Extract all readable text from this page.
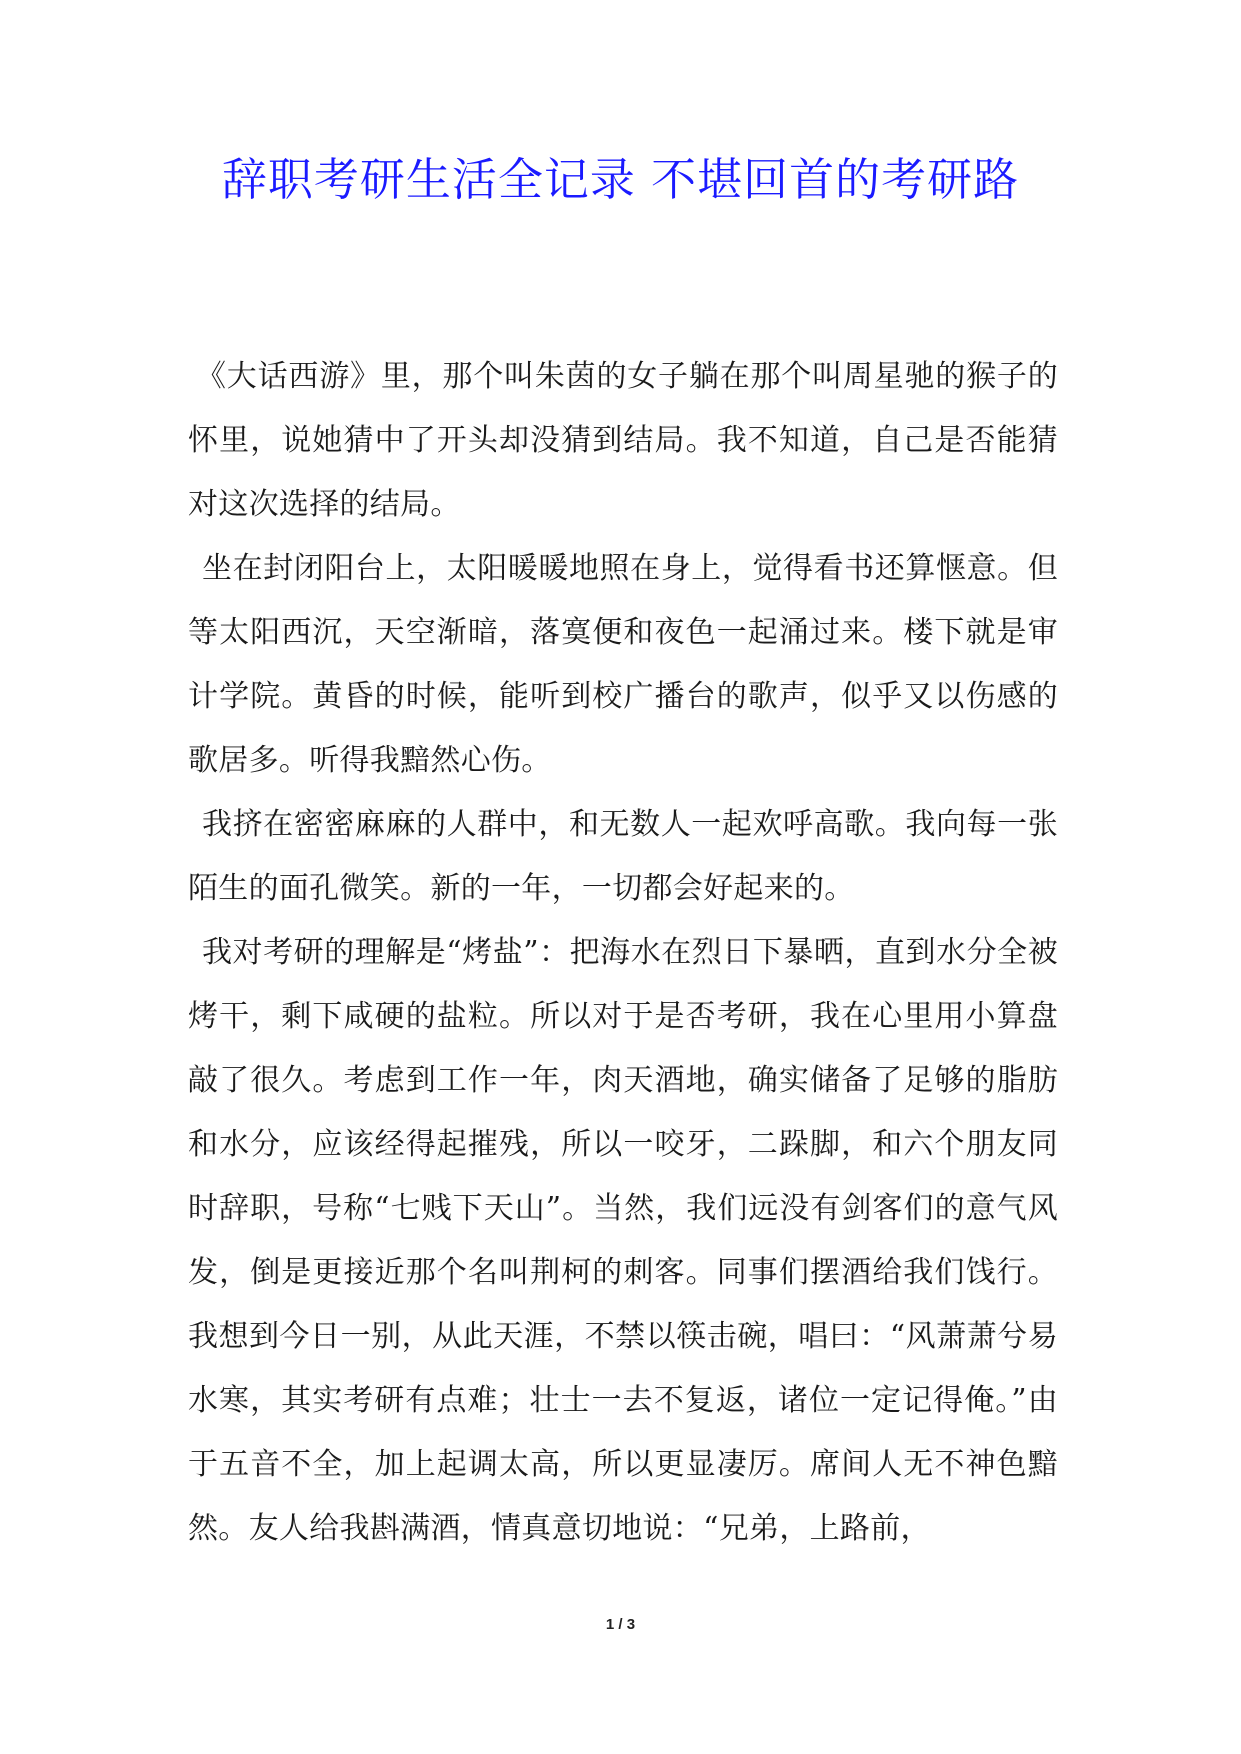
辞职考研生活全记录 不堪回首的考研路

《大话西游》里，那个叫朱茵的女子躺在那个叫周星驰的猴子的怀里，说她猜中了开头却没猜到结局。我不知道，自己是否能猜对这次选择的结局。

坐在封闭阳台上，太阳暖暖地照在身上，觉得看书还算惬意。但等太阳西沉，天空渐暗，落寞便和夜色一起涌过来。楼下就是审计学院。黄昏的时候，能听到校广播台的歌声，似乎又以伤感的歌居多。听得我黯然心伤。

我挤在密密麻麻的人群中，和无数人一起欢呼高歌。我向每一张陌生的面孔微笑。新的一年，一切都会好起来的。

我对考研的理解是“烤盐”：把海水在烈日下暴晒，直到水分全被烤干，剩下咸硬的盐粒。所以对于是否考研，我在心里用小算盘敲了很久。考虑到工作一年，肉天酒地，确实储备了足够的脂肪和水分，应该经得起摧残，所以一咬牙，二跺脚，和六个朋友同时辞职，号称“七贱下天山”。当然，我们远没有剑客们的意气风发，倒是更接近那个名叫荆柯的刺客。同事们摆酒给我们饯行。我想到今日一别，从此天涯，不禁以筷击碗，唱曰：“风萧萧兮易水寒，其实考研有点难；壮士一去不复返，诸位一定记得俺。”由于五音不全，加上起调太高，所以更显凄厉。席间人无不神色黯然。友人给我斟满酒，情真意切地说：“兄弟，上路前，

1 / 3
